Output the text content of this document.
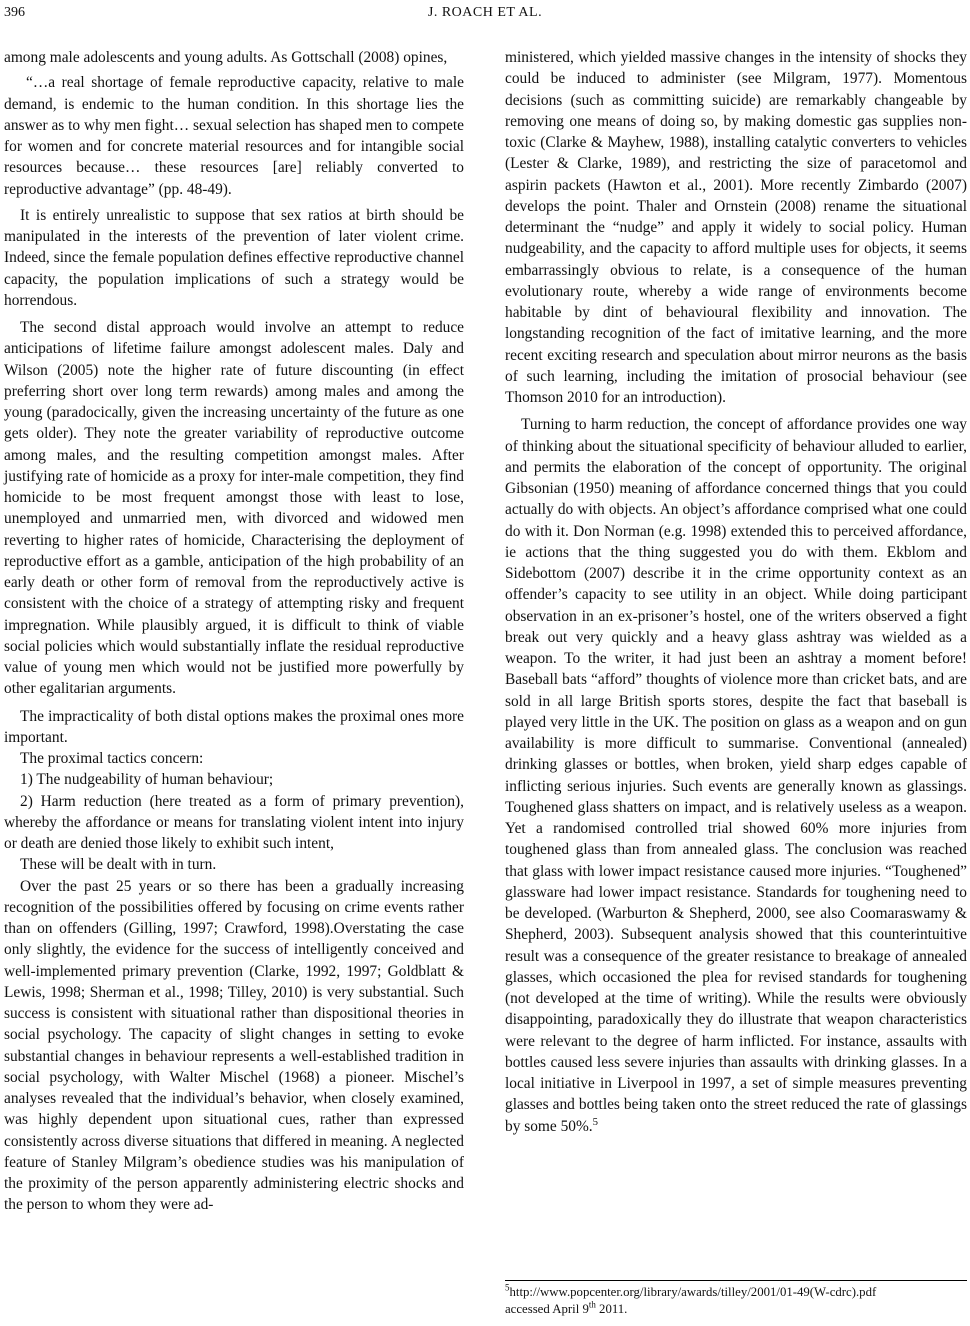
396	J. ROACH ET AL.

among male adolescents and young adults. As Gottschall (2008) opines,

“…a real shortage of female reproductive capacity, relative to male demand, is endemic to the human condition. In this shortage lies the answer as to why men fight… sexual selection has shaped men to compete for women and for concrete material resources and for intangible social resources because… these resources [are] reliably converted to reproductive advantage” (pp. 48-49).

It is entirely unrealistic to suppose that sex ratios at birth should be manipulated in the interests of the prevention of later violent crime. Indeed, since the female population defines effective reproductive channel capacity, the population implications of such a strategy would be horrendous.

The second distal approach would involve an attempt to reduce anticipations of lifetime failure amongst adolescent males. Daly and Wilson (2005) note the higher rate of future discounting (in effect preferring short over long term rewards) among males and among the young (paradocically, given the increasing uncertainty of the future as one gets older). They note the greater variability of reproductive outcome among males, and the resulting competition amongst males. After justifying rate of homicide as a proxy for inter-male competition, they find homicide to be most frequent amongst those with least to lose, unemployed and unmarried men, with divorced and widowed men reverting to higher rates of homicide, Characterising the deployment of reproductive effort as a gamble, anticipation of the high probability of an early death or other form of removal from the reproductively active is consistent with the choice of a strategy of attempting risky and frequent impregnation. While plausibly argued, it is difficult to think of viable social policies which would substantially inflate the residual reproductive value of young men which would not be justified more powerfully by other egalitarian arguments.

The impracticality of both distal options makes the proximal ones more important.

The proximal tactics concern:

1) The nudgeability of human behaviour;

2) Harm reduction (here treated as a form of primary prevention), whereby the affordance or means for translating violent intent into injury or death are denied those likely to exhibit such intent,

These will be dealt with in turn.

Over the past 25 years or so there has been a gradually increasing recognition of the possibilities offered by focusing on crime events rather than on offenders (Gilling, 1997; Crawford, 1998).Overstating the case only slightly, the evidence for the success of intelligently conceived and well-implemented primary prevention (Clarke, 1992, 1997; Goldblatt & Lewis, 1998; Sherman et al., 1998; Tilley, 2010) is very substantial. Such success is consistent with situational rather than dispositional theories in social psychology. The capacity of slight changes in setting to evoke substantial changes in behaviour represents a well-established tradition in social psychology, with Walter Mischel (1968) a pioneer. Mischel’s analyses revealed that the individual’s behavior, when closely examined, was highly dependent upon situational cues, rather than expressed consistently across diverse situations that differed in meaning. A neglected feature of Stanley Milgram’s obedience studies was his manipulation of the proximity of the person apparently administering electric shocks and the person to whom they were ad-

ministered, which yielded massive changes in the intensity of shocks they could be induced to administer (see Milgram, 1977). Momentous decisions (such as committing suicide) are remarkably changeable by removing one means of doing so, by making domestic gas supplies non-toxic (Clarke & Mayhew, 1988), installing catalytic converters to vehicles (Lester & Clarke, 1989), and restricting the size of paracetomol and aspirin packets (Hawton et al., 2001). More recently Zimbardo (2007) develops the point. Thaler and Ornstein (2008) rename the situational determinant the “nudge” and apply it widely to social policy. Human nudgeability, and the capacity to afford multiple uses for objects, it seems embarrassingly obvious to relate, is a consequence of the human evolutionary route, whereby a wide range of environments become habitable by dint of behavioural flexibility and innovation. The longstanding recognition of the fact of imitative learning, and the more recent exciting research and speculation about mirror neurons as the basis of such learning, including the imitation of prosocial behaviour (see Thomson 2010 for an introduction).

Turning to harm reduction, the concept of affordance provides one way of thinking about the situational specificity of behaviour alluded to earlier, and permits the elaboration of the concept of opportunity. The original Gibsonian (1950) meaning of affordance concerned things that you could actually do with objects. An object’s affordance comprised what one could do with it. Don Norman (e.g. 1998) extended this to perceived affordance, ie actions that the thing suggested you do with them. Ekblom and Sidebottom (2007) describe it in the crime opportunity context as an offender’s capacity to see utility in an object. While doing participant observation in an ex-prisoner’s hostel, one of the writers observed a fight break out very quickly and a heavy glass ashtray was wielded as a weapon. To the writer, it had just been an ashtray a moment before! Baseball bats “afford” thoughts of violence more than cricket bats, and are sold in all large British sports stores, despite the fact that baseball is played very little in the UK. The position on glass as a weapon and on gun availability is more difficult to summarise. Conventional (annealed) drinking glasses or bottles, when broken, yield sharp edges capable of inflicting serious injuries. Such events are generally known as glassings. Toughened glass shatters on impact, and is relatively useless as a weapon. Yet a randomised controlled trial showed 60% more injuries from toughened glass than from annealed glass. The conclusion was reached that glass with lower impact resistance caused more injuries. “Toughened” glassware had lower impact resistance. Standards for toughening need to be developed. (Warburton & Shepherd, 2000, see also Coomaraswamy & Shepherd, 2003). Subsequent analysis showed that this counterintuitive result was a consequence of the greater resistance to breakage of annealed glasses, which occasioned the plea for revised standards for toughening (not developed at the time of writing). While the results were obviously disappointing, paradoxically they do illustrate that weapon characteristics were relevant to the degree of harm inflicted. For instance, assaults with bottles caused less severe injuries than assaults with drinking glasses. In a local initiative in Liverpool in 1997, a set of simple measures preventing glasses and bottles being taken onto the street reduced the rate of glassings by some 50%.$^5$

$^5$http://www.popcenter.org/library/awards/tilley/2001/01-49(W-cdrc).pdf

accessed April 9th 2011.
